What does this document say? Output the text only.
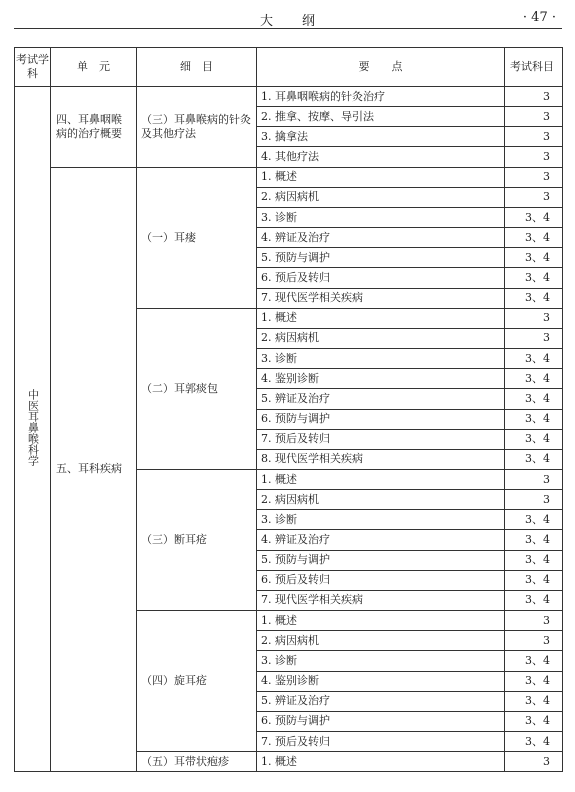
大　　纲	· 47 ·
考试学科	单　元	细　目	要　　点	考试科目
中医耳鼻喉科学	四、耳鼻咽喉病的治疗概要	（三）耳鼻喉病的针灸及其他疗法	1. 耳鼻咽喉病的针灸治疗	3
			2. 推拿、按摩、导引法	3
			3. 擒拿法	3
			4. 其他疗法	3
	五、耳科疾病	（一）耳瘘	1. 概述	3
			2. 病因病机	3
			3. 诊断	3、4
			4. 辨证及治疗	3、4
			5. 预防与调护	3、4
			6. 预后及转归	3、4
			7. 现代医学相关疾病	3、4
		（二）耳郭痰包	1. 概述	3
			2. 病因病机	3
			3. 诊断	3、4
			4. 鉴别诊断	3、4
			5. 辨证及治疗	3、4
			6. 预防与调护	3、4
			7. 预后及转归	3、4
			8. 现代医学相关疾病	3、4
		（三）断耳疮	1. 概述	3
			2. 病因病机	3
			3. 诊断	3、4
			4. 辨证及治疗	3、4
			5. 预防与调护	3、4
			6. 预后及转归	3、4
			7. 现代医学相关疾病	3、4
		（四）旋耳疮	1. 概述	3
			2. 病因病机	3
			3. 诊断	3、4
			4. 鉴别诊断	3、4
			5. 辨证及治疗	3、4
			6. 预防与调护	3、4
			7. 预后及转归	3、4
		（五）耳带状疱疹	1. 概述	3
